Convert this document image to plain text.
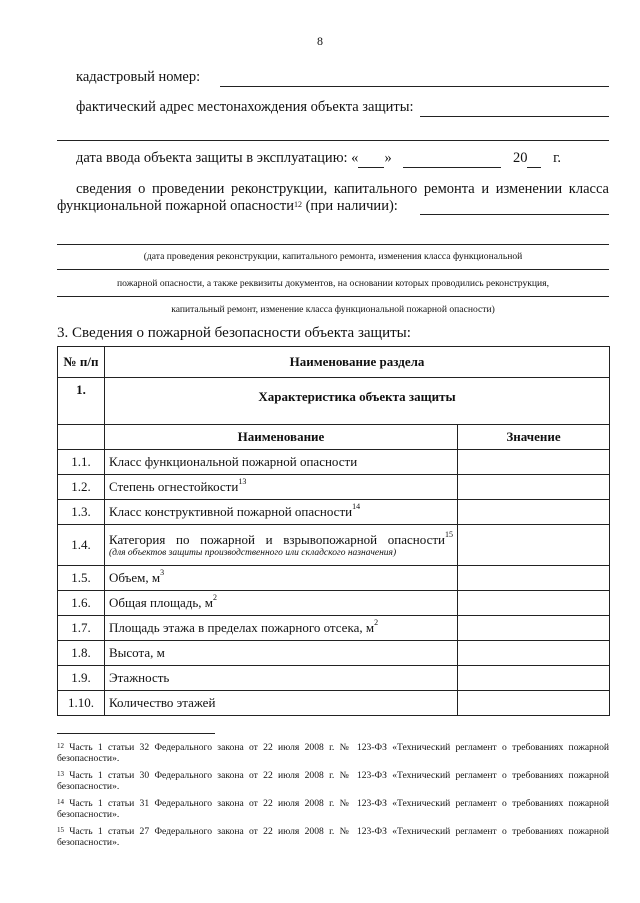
8
кадастровый номер:
фактический адрес местонахождения объекта защиты:
дата ввода объекта защиты в эксплуатацию: « »	20 г.
сведения о проведении реконструкции, капитального ремонта и изменении класса
функциональной пожарной опасности$^{12}$ (при наличии):
(дата проведения реконструкции, капитального ремонта, изменения класса функциональной
пожарной опасности, а также реквизиты документов, на основании которых проводились реконструкция,
капитальный ремонт, изменение класса функциональной пожарной опасности)
3. Сведения о пожарной безопасности объекта защиты:
№ п/п	Наименование раздела	
1.	Характеристика объекта защиты	
	Наименование	Значение
1.1.	Класс функциональной пожарной опасности	
1.2.	Степень огнестойкости$^{13}$	
1.3.	Класс конструктивной пожарной опасности$^{14}$	
1.4.	Категория по пожарной и взрывопожарной опасности$^{15}$
(для объектов защиты производственного или складского назначения)	

1.5.	Объем, $м^3$	
1.6.	Общая площадь, $м^2$	
1.7.	Площадь этажа в пределах пожарного отсека, $м^2$	
1.8.	Высота, м	
1.9.	Этажность	
1.10.	Количество этажей	
$^{12}$ Часть 1 статьи 32 Федерального закона от 22 июля 2008 г. № 123-ФЗ «Технический регламент о требованиях пожарной безопасности».
$^{13}$ Часть 1 статьи 30 Федерального закона от 22 июля 2008 г. № 123-ФЗ «Технический регламент о требованиях пожарной безопасности».
$^{14}$ Часть 1 статьи 31 Федерального закона от 22 июля 2008 г. № 123-ФЗ «Технический регламент о требованиях пожарной безопасности».
$^{15}$ Часть 1 статьи 27 Федерального закона от 22 июля 2008 г. № 123-ФЗ «Технический регламент о требованиях пожарной безопасности».
